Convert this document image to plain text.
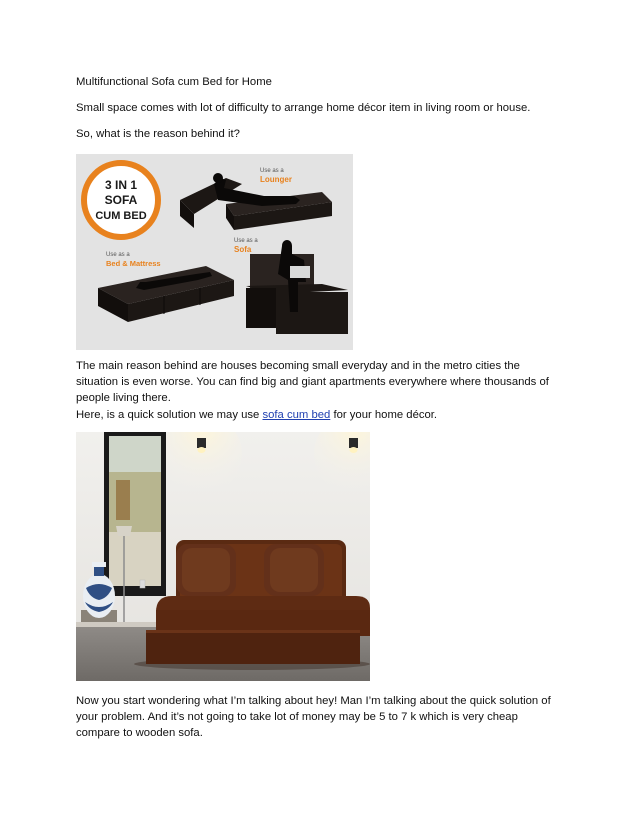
Multifunctional Sofa cum Bed for Home

Small space comes with lot of difficulty to arrange home décor item in living room or house.

So, what is the reason behind it?

3 IN 1
SOFA
CUM BED
Use as a
Lounger
Use as a
Bed & Mattress
Use as a
Sofa

The main reason behind are houses becoming small everyday and in the metro cities the situation is even worse. You can find big and giant apartments everywhere where thousands of people living there.

Here, is a quick solution we may use sofa cum bed for your home décor.

Now you start wondering what I’m talking about hey! Man I’m talking about the quick solution of your problem. And it’s not going to take lot of money may be 5 to 7 k which is very cheap compare to wooden sofa.
